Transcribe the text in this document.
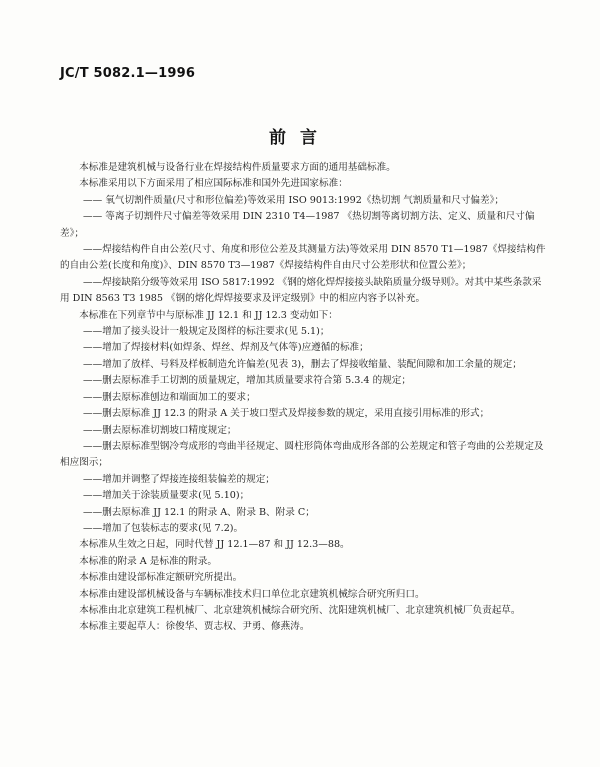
JC/T 5082.1—1996
前言

本标准是建筑机械与设备行业在焊接结构件质量要求方面的通用基础标准。

本标准采用以下方面采用了相应国际标准和国外先进国家标准：

—— 氧气切割件质量(尺寸和形位偏差)等效采用 ISO 9013:1992《热切割 气割质量和尺寸偏差》；

—— 等离子切割件尺寸偏差等效采用 DIN 2310 T4—1987 《热切割等离切割方法、定义、质量和尺寸偏差》；

——焊接结构件自由公差(尺寸、角度和形位公差及其测量方法)等效采用 DIN 8570 T1—1987《焊接结构件的自由公差(长度和角度)》、DIN 8570 T3—1987《焊接结构件自由尺寸公差形状和位置公差》；

——焊接缺陷分级等效采用 ISO 5817:1992 《钢的熔化焊焊接接头缺陷质量分级导则》。对其中某些条款采用 DIN 8563 T3 1985 《钢的熔化焊焊接要求及评定级别》中的相应内容予以补充。

本标准在下列章节中与原标准 JJ 12.1 和 JJ 12.3 变动如下：

——增加了接头设计一般规定及图样的标注要求(见 5.1)；

——增加了焊接材料(如焊条、焊丝、焊剂及气体等)应遵循的标准；

——增加了放样、号料及样板制造允许偏差(见表 3)，删去了焊接收缩量、装配间隙和加工余量的规定；

——删去原标准手工切割的质量规定，增加其质量要求符合第 5.3.4 的规定；

——删去原标准刨边和端面加工的要求；

——删去原标准 JJ 12.3 的附录 A 关于坡口型式及焊接参数的规定，采用直接引用标准的形式；

——删去原标准切割坡口精度规定；

——删去原标准型钢冷弯成形的弯曲半径规定、圆柱形筒体弯曲成形各部的公差规定和管子弯曲的公差规定及相应图示；

——增加并调整了焊接连接组装偏差的规定；

——增加关于涂装质量要求(见 5.10)；

——删去原标准 JJ 12.1 的附录 A、附录 B、附录 C；

——增加了包装标志的要求(见 7.2)。

本标准从生效之日起，同时代替 JJ 12.1—87 和 JJ 12.3—88。

本标准的附录 A 是标准的附录。

本标准由建设部标准定额研究所提出。

本标准由建设部机械设备与车辆标准技术归口单位北京建筑机械综合研究所归口。

本标准由北京建筑工程机械厂、北京建筑机械综合研究所、沈阳建筑机械厂、北京建筑机械厂负责起草。

本标准主要起草人：徐俊华、贾志权、尹勇、修燕涛。
